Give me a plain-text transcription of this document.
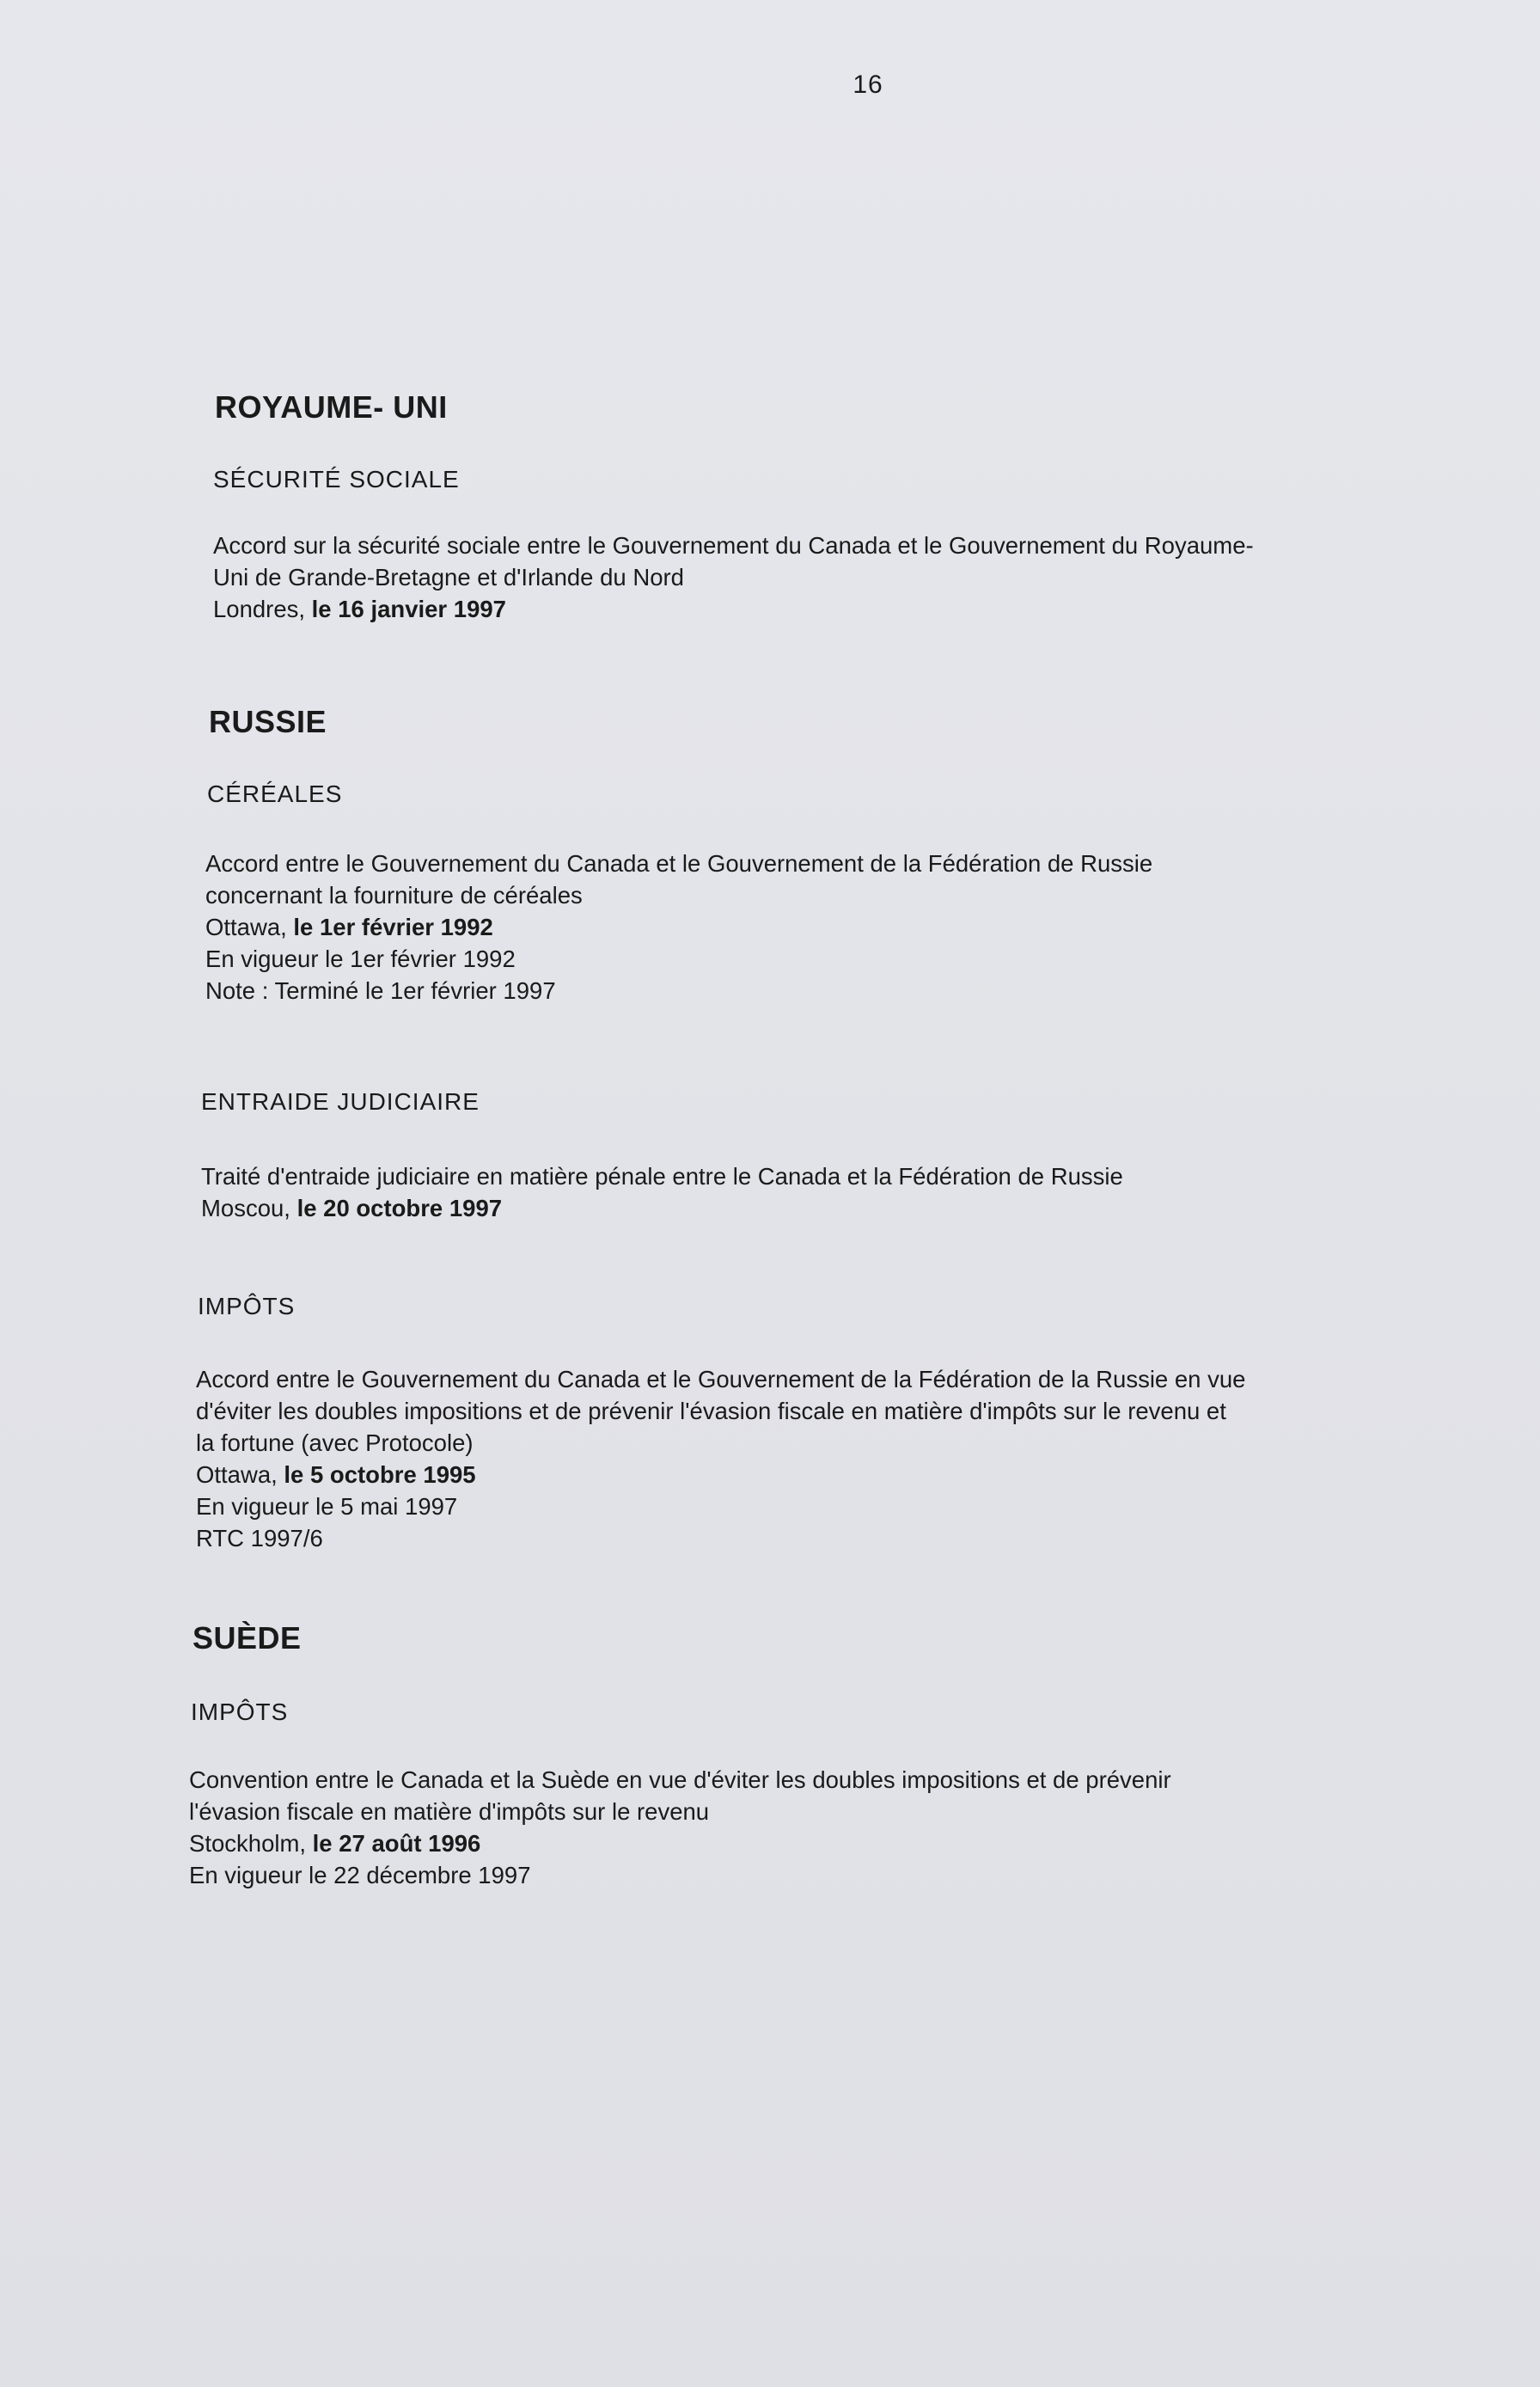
16
ROYAUME- UNI

SÉCURITÉ SOCIALE

Accord sur la sécurité sociale entre le Gouvernement du Canada et le Gouvernement du Royaume-

Uni de Grande-Bretagne et d'Irlande du Nord

Londres, le 16 janvier 1997

RUSSIE

CÉRÉALES

Accord entre le Gouvernement du Canada et le Gouvernement de la Fédération de Russie

concernant la fourniture de céréales

Ottawa, le 1er février 1992

En vigueur le 1er février 1992

Note : Terminé le 1er février 1997

ENTRAIDE JUDICIAIRE

Traité d'entraide judiciaire en matière pénale entre le Canada et la Fédération de Russie

Moscou, le 20 octobre 1997

IMPÔTS

Accord entre le Gouvernement du Canada et le Gouvernement de la Fédération de la Russie en vue

d'éviter les doubles impositions et de prévenir l'évasion fiscale en matière d'impôts sur le revenu et

la fortune (avec Protocole)

Ottawa, le 5 octobre 1995

En vigueur le 5 mai 1997

RTC 1997/6

SUÈDE

IMPÔTS

Convention entre le Canada et la Suède en vue d'éviter les doubles impositions et de prévenir

l'évasion fiscale en matière d'impôts sur le revenu

Stockholm, le 27 août 1996

En vigueur le 22 décembre 1997
